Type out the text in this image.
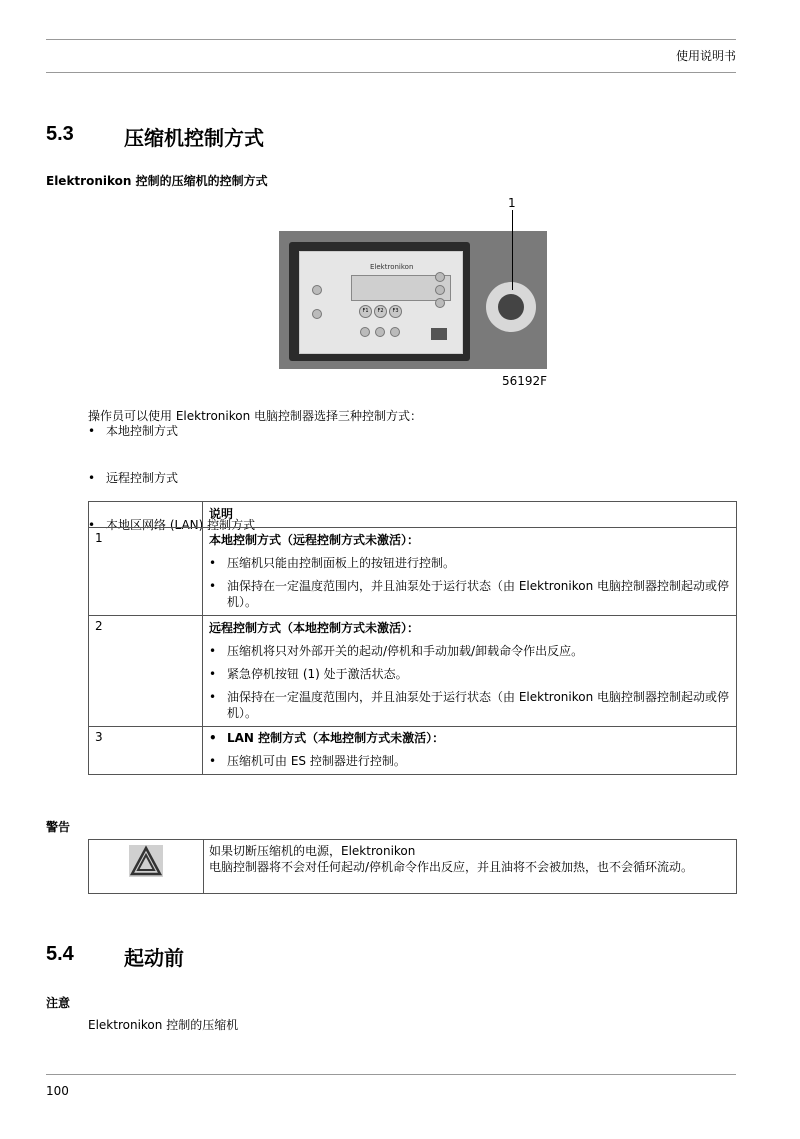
使用说明书
5.3	压缩机控制方式
Elektronikon 控制的压缩机的控制方式
1
Elektronikon
F1	F2	F3
56192F
操作员可以使用 Elektronikon 电脑控制器选择三种控制方式：
• 本地控制方式
• 远程控制方式
• 本地区网络 (LAN) 控制方式
	说明
1	本地控制方式（远程控制方式未激活）：
• 压缩机只能由控制面板上的按钮进行控制。
• 油保持在一定温度范围内，并且油泵处于运行状态（由 Elektronikon 电脑控制器控制起动或停机）。

2	远程控制方式（本地控制方式未激活）：
• 压缩机将只对外部开关的起动/停机和手动加载/卸载命令作出反应。
• 紧急停机按钮 (1) 处于激活状态。
• 油保持在一定温度范围内，并且油泵处于运行状态（由 Elektronikon 电脑控制器控制起动或停机）。

3	• LAN 控制方式（本地控制方式未激活）：
• 压缩机可由 ES 控制器进行控制。
警告
如果切断压缩机的电源，Elektronikon
电脑控制器将不会对任何起动/停机命令作出反应，并且油将不会被加热，也不会循环流动。
5.4	起动前
注意
Elektronikon 控制的压缩机
100
